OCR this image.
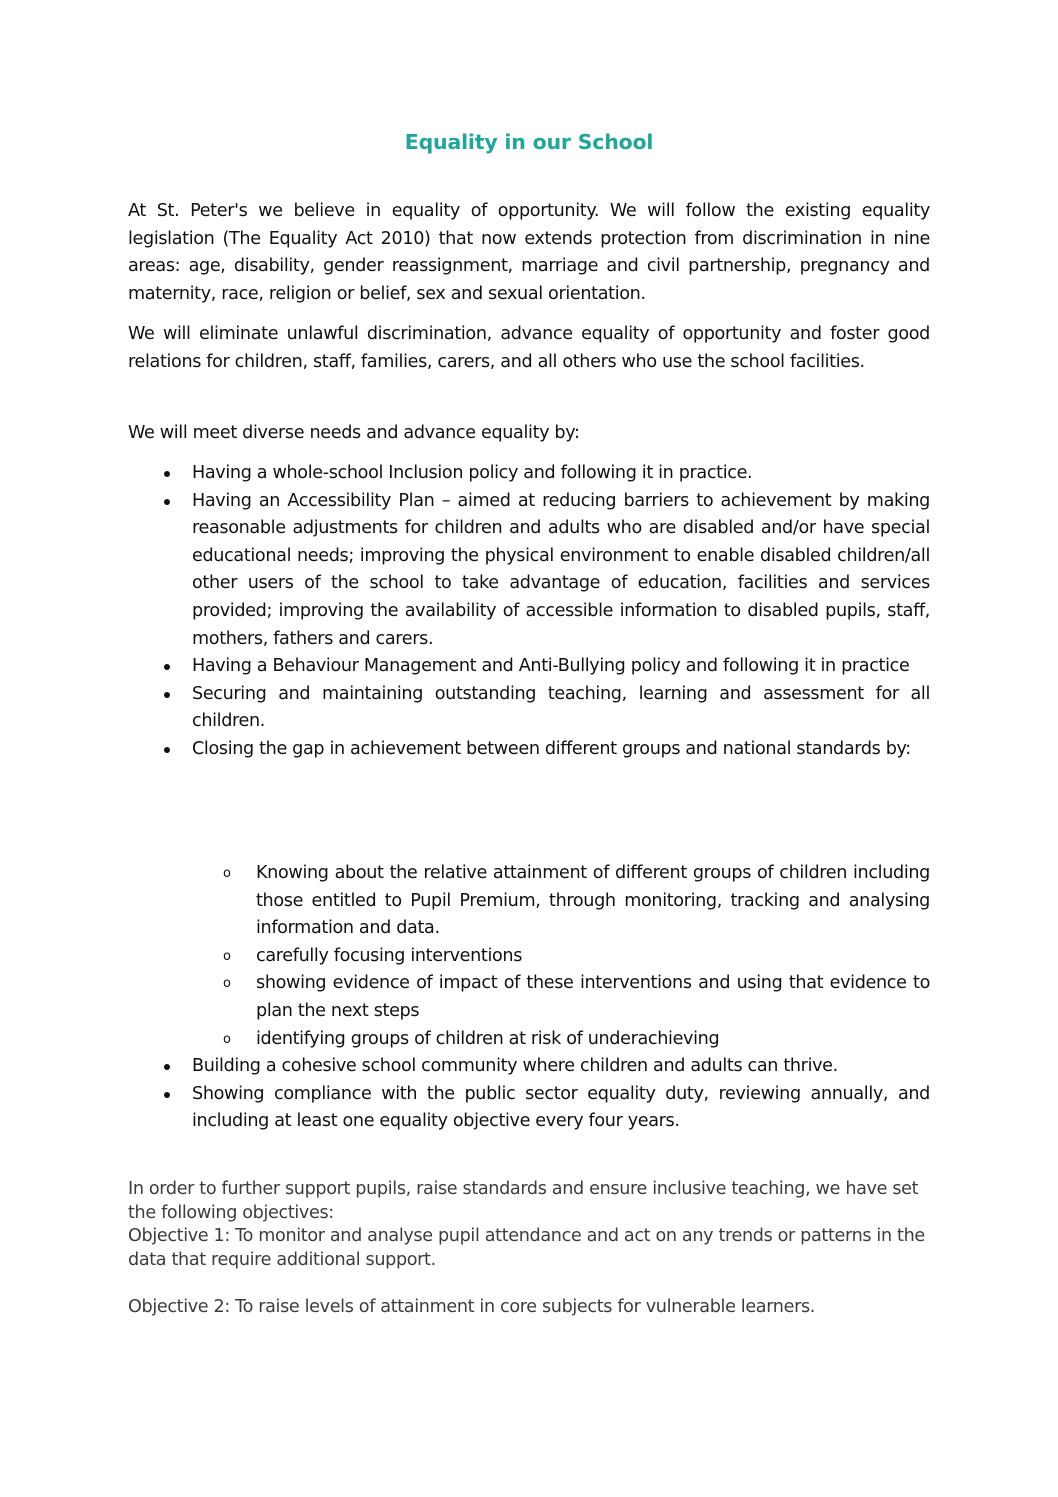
Equality in our School

At St. Peter's we believe in equality of opportunity. We will follow the existing equality legislation (The Equality Act 2010) that now extends protection from discrimination in nine areas: age, disability, gender reassignment, marriage and civil partnership, pregnancy and maternity, race, religion or belief, sex and sexual orientation.

We will eliminate unlawful discrimination, advance equality of opportunity and foster good relations for children, staff, families, carers, and all others who use the school facilities.

We will meet diverse needs and advance equality by:

Having a whole-school Inclusion policy and following it in practice.
Having an Accessibility Plan – aimed at reducing barriers to achievement by making reasonable adjustments for children and adults who are disabled and/or have special educational needs; improving the physical environment to enable disabled children/all other users of the school to take advantage of education, facilities and services provided; improving the availability of accessible information to disabled pupils, staff, mothers, fathers and carers.
Having a Behaviour Management and Anti-Bullying policy and following it in practice
Securing and maintaining outstanding teaching, learning and assessment for all children.
Closing the gap in achievement between different groups and national standards by:
o Knowing about the relative attainment of different groups of children including those entitled to Pupil Premium, through monitoring, tracking and analysing information and data.
o carefully focusing interventions
o showing evidence of impact of these interventions and using that evidence to plan the next steps
o identifying groups of children at risk of underachieving
Building a cohesive school community where children and adults can thrive.
Showing compliance with the public sector equality duty, reviewing annually, and including at least one equality objective every four years.

In order to further support pupils, raise standards and ensure inclusive teaching, we have set the following objectives:

Objective 1: To monitor and analyse pupil attendance and act on any trends or patterns in the data that require additional support.

Objective 2: To raise levels of attainment in core subjects for vulnerable learners.
